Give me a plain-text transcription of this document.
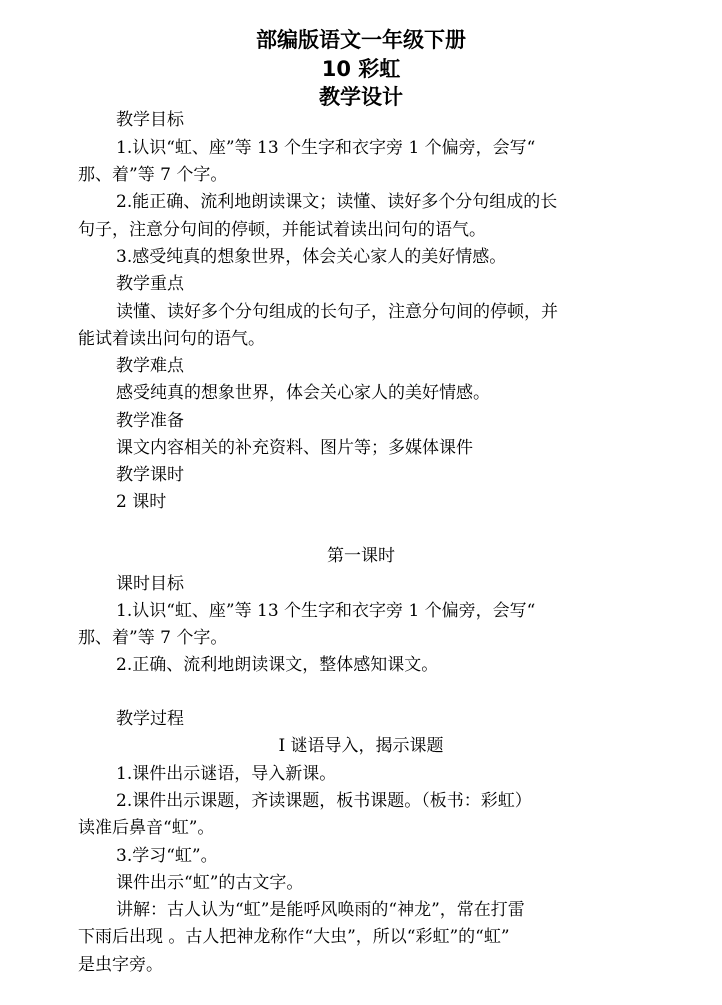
部编版语文一年级下册
10 彩虹
教学设计

教学目标

1.认识“虹、座”等 13 个生字和衣字旁 1 个偏旁，会写“

那、着”等 7 个字。

2.能正确、流利地朗读课文；读懂、读好多个分句组成的长

句子，注意分句间的停顿，并能试着读出问句的语气。

3.感受纯真的想象世界，体会关心家人的美好情感。

教学重点

读懂、读好多个分句组成的长句子，注意分句间的停顿，并

能试着读出问句的语气。

教学难点

感受纯真的想象世界，体会关心家人的美好情感。

教学准备

课文内容相关的补充资料、图片等；多媒体课件

教学课时

2 课时

第一课时

课时目标

1.认识“虹、座”等 13 个生字和衣字旁 1 个偏旁，会写“

那、着”等 7 个字。

2.正确、流利地朗读课文，整体感知课文。

教学过程

Ⅰ 谜语导入，揭示课题

1.课件出示谜语，导入新课。

2.课件出示课题，齐读课题，板书课题。（板书：彩虹）

读准后鼻音“虹”。

3.学习“虹”。

课件出示“虹”的古文字。

讲解：古人认为“虹”是能呼风唤雨的“神龙”，常在打雷

下雨后出现 。古人把神龙称作“大虫”，所以“彩虹”的“虹”

是虫字旁。
